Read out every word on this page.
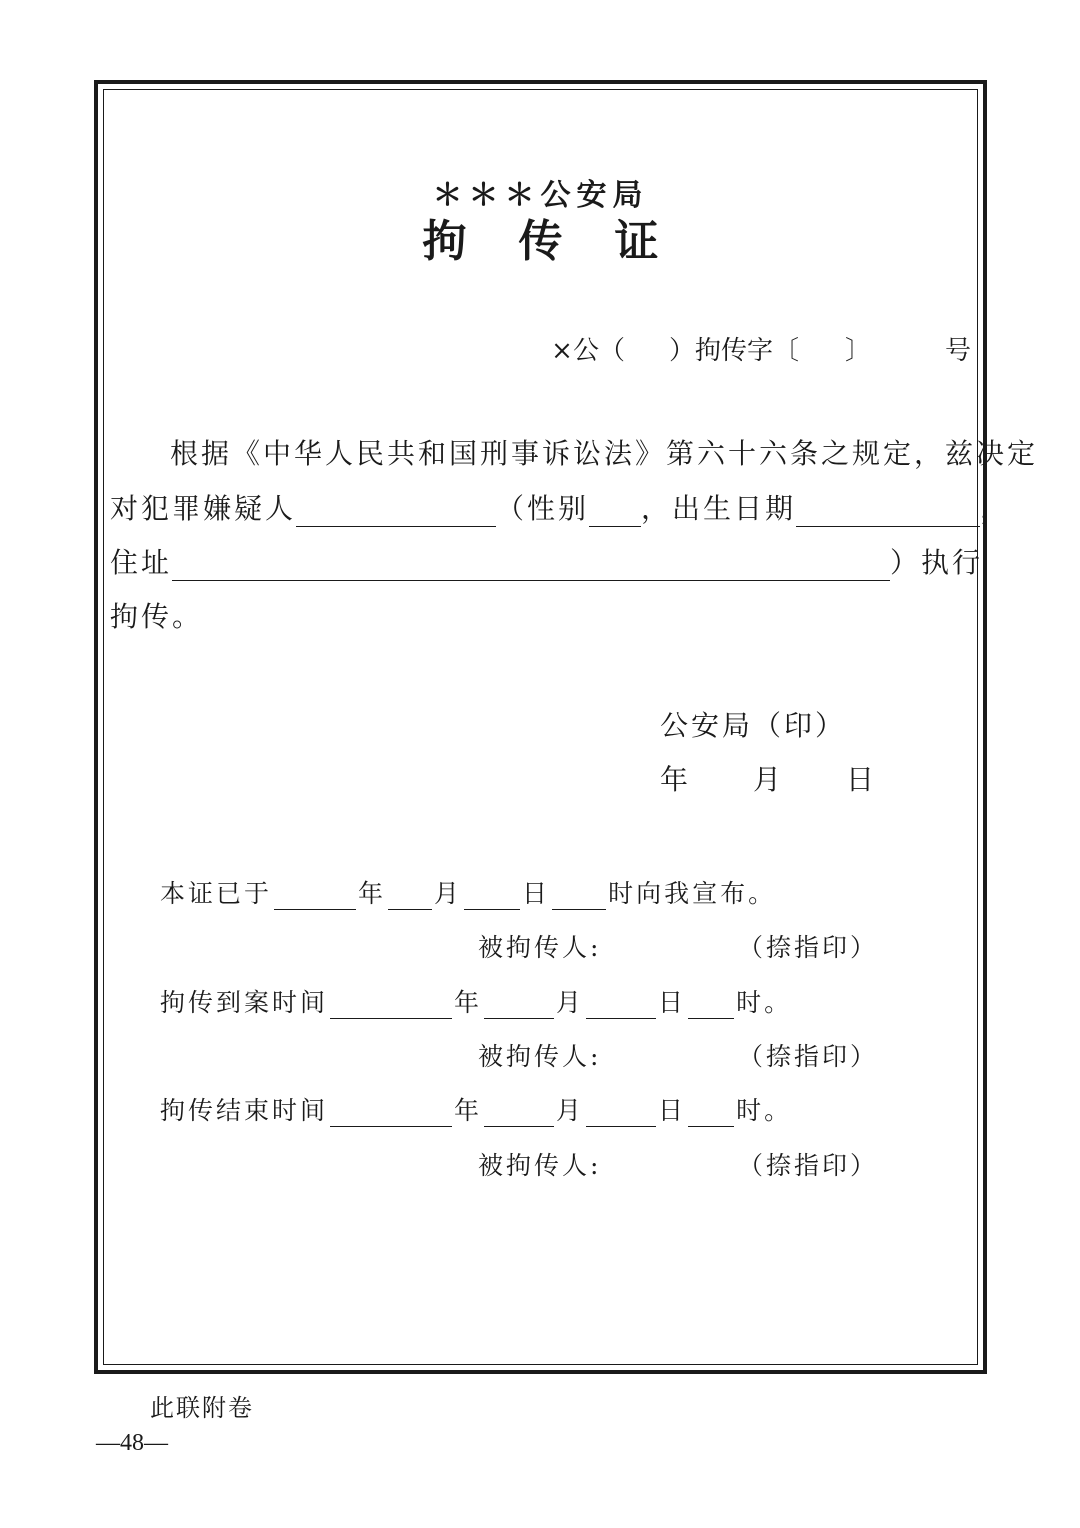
＊＊＊公安局
拘传证
×公（ ）拘传字〔 〕	号
根据《中华人民共和国刑事诉讼法》第六十六条之规定，兹决定
对犯罪嫌疑人	（性别 ，出生日期	，
住址	）执行
拘传。
公安局（印）
年　　月　　日
本证已于	年 月 日 时向我宣布。
被拘传人:	（捺指印）
拘传到案时间	年	月	日 时。
被拘传人:	（捺指印）
拘传结束时间	年	月	日 时。
被拘传人:	（捺指印）
此联附卷
—48—
